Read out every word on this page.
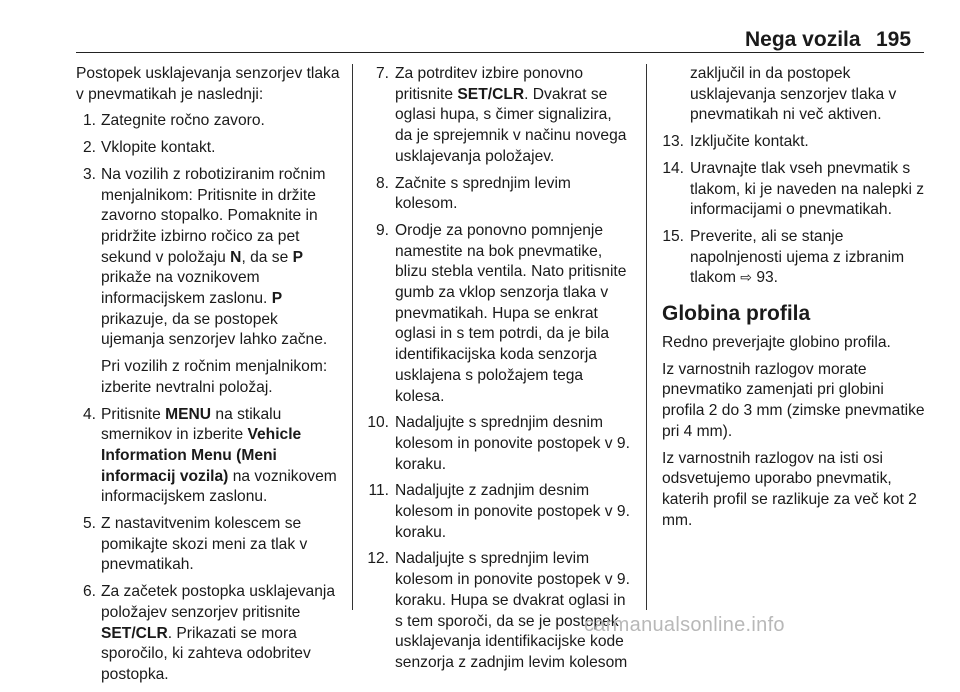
Nega vozila 195

Postopek usklajevanja senzorjev tlaka v pnevmatikah je naslednji:

1. Zategnite ročno zavoro.
2. Vklopite kontakt.
3. Na vozilih z robotiziranim ročnim menjalnikom: Pritisnite in držite zavorno stopalko. Pomaknite in pridržite izbirno ročico za pet sekund v položaju N, da se P prikaže na voznikovem informacijskem zaslonu. P prikazuje, da se postopek ujemanja senzorjev lahko začne.

Pri vozilih z ročnim menjalnikom: izberite nevtralni položaj.

4. Pritisnite MENU na stikalu smernikov in izberite Vehicle Information Menu (Meni informacij vozila) na voznikovem informacijskem zaslonu.
5. Z nastavitvenim kolescem se pomikajte skozi meni za tlak v pnevmatikah.
6. Za začetek postopka usklajevanja položajev senzorjev pritisnite SET/CLR. Prikazati se mora sporočilo, ki zahteva odobritev postopka.
7. Za potrditev izbire ponovno pritisnite SET/CLR. Dvakrat se oglasi hupa, s čimer signalizira, da je sprejemnik v načinu novega usklajevanja položajev.
8. Začnite s sprednjim levim kolesom.
9. Orodje za ponovno pomnjenje namestite na bok pnevmatike, blizu stebla ventila. Nato pritisnite gumb za vklop senzorja tlaka v pnevmatikah. Hupa se enkrat oglasi in s tem potrdi, da je bila identifikacijska koda senzorja usklajena s položajem tega kolesa.
10. Nadaljujte s sprednjim desnim kolesom in ponovite postopek v 9. koraku.
11. Nadaljujte z zadnjim desnim kolesom in ponovite postopek v 9. koraku.
12. Nadaljujte s sprednjim levim kolesom in ponovite postopek v 9. koraku. Hupa se dvakrat oglasi in s tem sporoči, da se je postopek usklajevanja identifikacijske kode senzorja z zadnjim levim kolesom

zaključil in da postopek usklajevanja senzorjev tlaka v pnevmatikah ni več aktiven.

13. Izključite kontakt.
14. Uravnajte tlak vseh pnevmatik s tlakom, ki je naveden na nalepki z informacijami o pnevmatikah.
15. Preverite, ali se stanje napolnjenosti ujema z izbranim tlakom ⇨ 93.
Globina profila

Redno preverjajte globino profila.

Iz varnostnih razlogov morate pnevmatiko zamenjati pri globini profila 2 do 3 mm (zimske pnevmatike pri 4 mm).

Iz varnostnih razlogov na isti osi odsvetujemo uporabo pnevmatik, katerih profil se razlikuje za več kot 2 mm.

carmanualsonline.info
